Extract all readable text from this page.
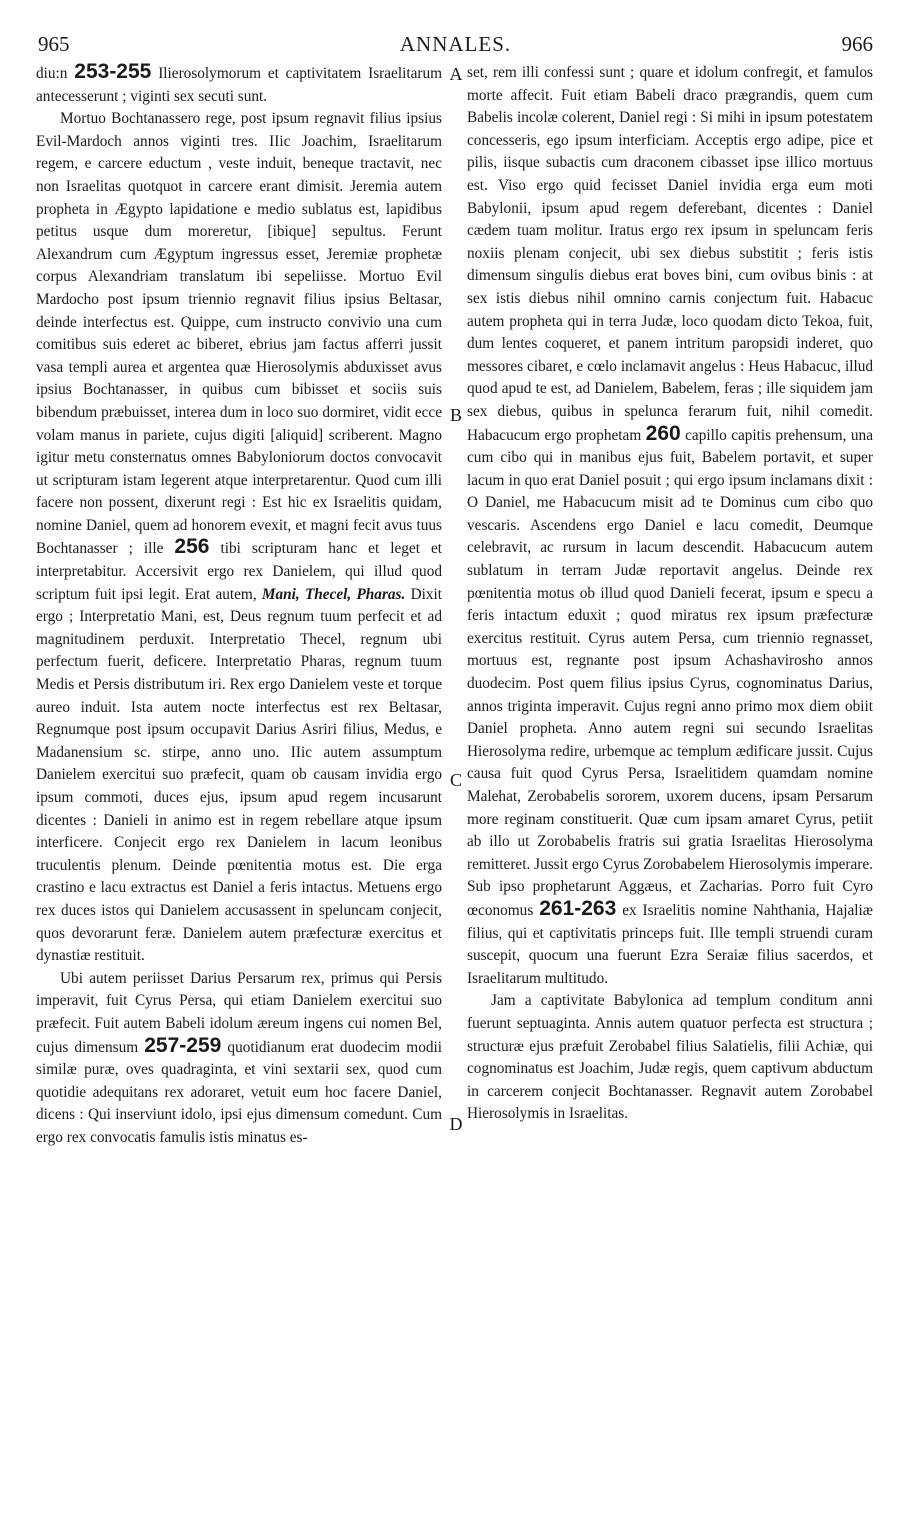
965	ANNALES.	966
A
B
C
D

diu:n 253-255 Ilierosolymorum et captivitatem Israelitarum antecesserunt ; viginti sex secuti sunt.

Mortuo Bochtanassero rege, post ipsum regnavit filius ipsius Evil-Mardoch annos viginti tres. IIic Joachim, Israelitarum regem, e carcere eductum , veste induit, beneque tractavit, nec non Israelitas quotquot in carcere erant dimisit. Jeremia autem propheta in Ægypto lapidatione e medio sublatus est, lapidibus petitus usque dum moreretur, [ibique] sepultus. Ferunt Alexandrum cum Ægyptum ingressus esset, Jeremiæ prophetæ corpus Alexandriam translatum ibi sepeliisse. Mortuo Evil Mardocho post ipsum triennio regnavit filius ipsius Beltasar, deinde interfectus est. Quippe, cum instructo convivio una cum comitibus suis ederet ac biberet, ebrius jam factus afferri jussit vasa templi aurea et argentea quæ Hierosolymis abduxisset avus ipsius Bochtanasser, in quibus cum bibisset et sociis suis bibendum præbuisset, interea dum in loco suo dormiret, vidit ecce volam manus in pariete, cujus digiti [aliquid] scriberent. Magno igitur metu consternatus omnes Babyloniorum doctos convocavit ut scripturam istam legerent atque interpretarentur. Quod cum illi facere non possent, dixerunt regi : Est hic ex Israelitis quidam, nomine Daniel, quem ad honorem evexit, et magni fecit avus tuus Bochtanasser ; ille 256 tibi scripturam hanc et leget et interpretabitur. Accersivit ergo rex Danielem, qui illud quod scriptum fuit ipsi legit. Erat autem, Mani, Thecel, Pharas. Dixit ergo ; Interpretatio Mani, est, Deus regnum tuum perfecit et ad magnitudinem perduxit. Interpretatio Thecel, regnum ubi perfectum fuerit, deficere. Interpretatio Pharas, regnum tuum Medis et Persis distributum iri. Rex ergo Danielem veste et torque aureo induit. Ista autem nocte interfectus est rex Beltasar, Regnumque post ipsum occupavit Darius Asriri filius, Medus, e Madanensium sc. stirpe, anno uno. IIic autem assumptum Danielem exercitui suo præfecit, quam ob causam invidia ergo ipsum commoti, duces ejus, ipsum apud regem incusarunt dicentes : Danieli in animo est in regem rebellare atque ipsum interficere. Conjecit ergo rex Danielem in lacum leonibus truculentis plenum. Deinde pœnitentia motus est. Die erga crastino e lacu extractus est Daniel a feris intactus. Metuens ergo rex duces istos qui Danielem accusassent in speluncam conjecit, quos devorarunt feræ. Danielem autem præfecturæ exercitus et dynastiæ restituit.

Ubi autem periisset Darius Persarum rex, primus qui Persis imperavit, fuit Cyrus Persa, qui etiam Danielem exercitui suo præfecit. Fuit autem Babeli idolum æreum ingens cui nomen Bel, cujus dimensum 257-259 quotidianum erat duodecim modii similæ puræ, oves quadraginta, et vini sextarii sex, quod cum quotidie adequitans rex adoraret, vetuit eum hoc facere Daniel, dicens : Qui inserviunt idolo, ipsi ejus dimensum comedunt. Cum ergo rex convocatis famulis istis minatus es-

set, rem illi confessi sunt ; quare et idolum confregit, et famulos morte affecit. Fuit etiam Babeli draco prægrandis, quem cum Babelis incolæ colerent, Daniel regi : Si mihi in ipsum potestatem concesseris, ego ipsum interficiam. Acceptis ergo adipe, pice et pilis, iisque subactis cum draconem cibasset ipse illico mortuus est. Viso ergo quid fecisset Daniel invidia erga eum moti Babylonii, ipsum apud regem deferebant, dicentes : Daniel cædem tuam molitur. Iratus ergo rex ipsum in speluncam feris noxiis plenam conjecit, ubi sex diebus substitit ; feris istis dimensum singulis diebus erat boves bini, cum ovibus binis : at sex istis diebus nihil omnino carnis conjectum fuit. Habacuc autem propheta qui in terra Judæ, loco quodam dicto Tekoa, fuit, dum lentes coqueret, et panem intritum paropsidi inderet, quo messores cibaret, e cœlo inclamavit angelus : Heus Habacuc, illud quod apud te est, ad Danielem, Babelem, feras ; ille siquidem jam sex diebus, quibus in spelunca ferarum fuit, nihil comedit. Habacucum ergo prophetam 260 capillo capitis prehensum, una cum cibo qui in manibus ejus fuit, Babelem portavit, et super lacum in quo erat Daniel posuit ; qui ergo ipsum inclamans dixit : O Daniel, me Habacucum misit ad te Dominus cum cibo quo vescaris. Ascendens ergo Daniel e lacu comedit, Deumque celebravit, ac rursum in lacum descendit. Habacucum autem sublatum in terram Judæ reportavit angelus. Deinde rex pœnitentia motus ob illud quod Danieli fecerat, ipsum e specu a feris intactum eduxit ; quod miratus rex ipsum præfecturæ exercitus restituit. Cyrus autem Persa, cum triennio regnasset, mortuus est, regnante post ipsum Achashavirosho annos duodecim. Post quem filius ipsius Cyrus, cognominatus Darius, annos triginta imperavit. Cujus regni anno primo mox diem obiit Daniel propheta. Anno autem regni sui secundo Israelitas Hierosolyma redire, urbemque ac templum ædificare jussit. Cujus causa fuit quod Cyrus Persa, Israelitidem quamdam nomine Malehat, Zerobabelis sororem, uxorem ducens, ipsam Persarum more reginam constituerit. Quæ cum ipsam amaret Cyrus, petiit ab illo ut Zorobabelis fratris sui gratia Israelitas Hierosolyma remitteret. Jussit ergo Cyrus Zorobabelem Hierosolymis imperare. Sub ipso prophetarunt Aggæus, et Zacharias. Porro fuit Cyro œconomus 261-263 ex Israelitis nomine Nahthania, Hajaliæ filius, qui et captivitatis princeps fuit. Ille templi struendi curam suscepit, quocum una fuerunt Ezra Seraiæ filius sacerdos, et Israelitarum multitudo.

Jam a captivitate Babylonica ad templum conditum anni fuerunt septuaginta. Annis autem quatuor perfecta est structura ; structuræ ejus præfuit Zerobabel filius Salatielis, filii Achiæ, qui cognominatus est Joachim, Judæ regis, quem captivum abductum in carcerem conjecit Bochtanasser. Regnavit autem Zorobabel Hierosolymis in Israelitas.
